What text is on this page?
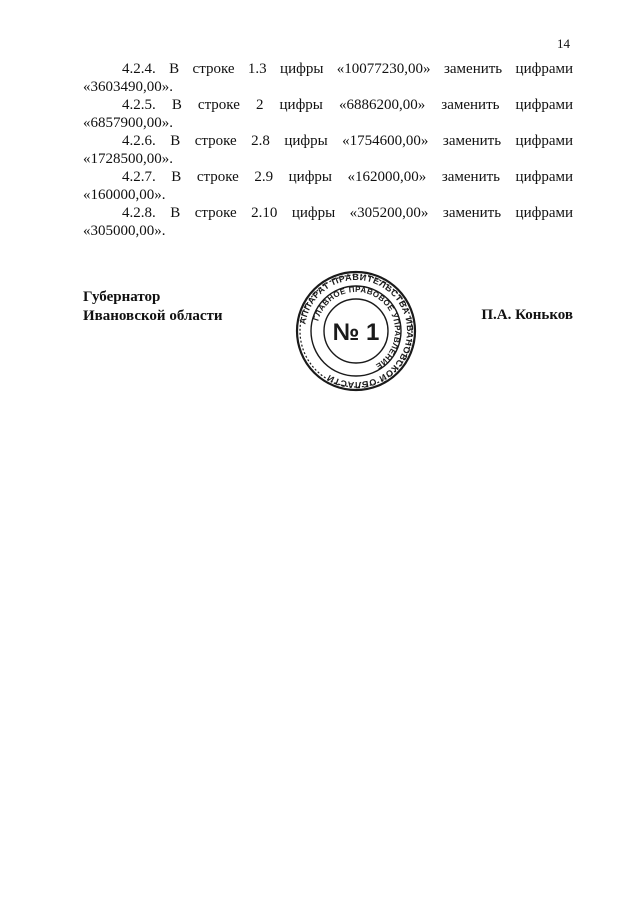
14

4.2.4. В строке 1.3 цифры «10077230,00» заменить цифрами

«3603490,00».

4.2.5. В строке 2 цифры «6886200,00» заменить цифрами

«6857900,00».

4.2.6. В строке 2.8 цифры «1754600,00» заменить цифрами

«1728500,00».

4.2.7. В строке 2.9 цифры «162000,00» заменить цифрами

«160000,00».

4.2.8. В строке 2.10 цифры «305200,00» заменить цифрами

«305000,00».

Губернатор
Ивановской области	АППАРАТ ПРАВИТЕЛЬСТВА ИВАНОВСКОЙ ОБЛАСТИ
ГЛАВНОЕ ПРАВОВОЕ УПРАВЛЕНИЕ
№ 1
П.А. Коньков
